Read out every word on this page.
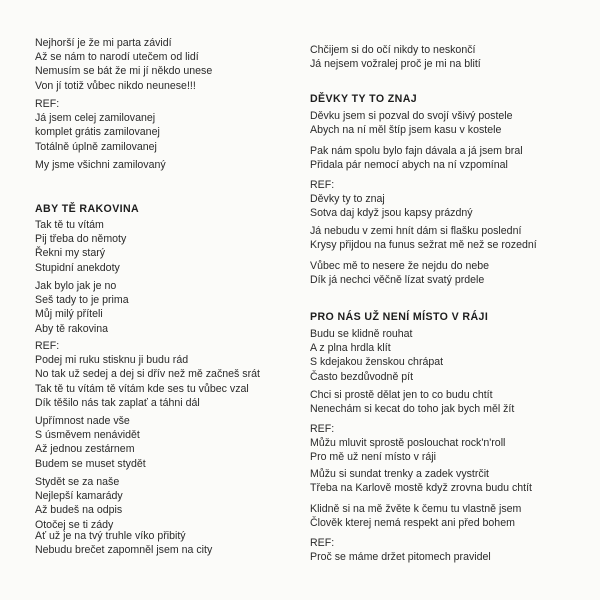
Nejhorší je že mi parta závidí
Až se nám to narodí utečem od lidí
Nemusím se bát že mi jí někdo unese
Von jí totiž vůbec nikdo neunese!!!
REF:
Já jsem celej zamilovanej
komplet grátis zamilovanej
Totálně úplně zamilovanej
My jsme všichni zamilovaný
ABY TĚ RAKOVINA
Tak tě tu vítám
Pij třeba do němoty
Řekni my starý
Stupidní anekdoty
Jak bylo jak je no
Seš tady to je prima
Můj milý příteli
Aby tě rakovina
REF:
Podej mi ruku stisknu ji budu rád
No tak už sedej a dej si dřív než mě začneš srát
Tak tě tu vítám tě vítám kde ses tu vůbec vzal
Dík těšilo nás tak zaplať a táhni dál
Upřímnost nade vše
S úsměvem nenávidět
Až jednou zestárnem
Budem se muset stydět
Stydět se za naše
Nejlepší kamarády
Až budeš na odpis
Otočej se ti zády
Ať už je na tvý truhle víko přibitý
Nebudu brečet zapomněl jsem na city
Chčijem si do očí nikdy to neskončí
Já nejsem vožralej proč je mi na blití
DĚVKY TY TO ZNAJ
Děvku jsem si pozval do svojí všivý postele
Abych na ní měl štíp jsem kasu v kostele
Pak nám spolu bylo fajn dávala a já jsem bral
Přidala pár nemocí abych na ní vzpomínal
REF:
Děvky ty to znaj
Sotva daj když jsou kapsy prázdný
Já nebudu v zemi hnít dám si flašku poslední
Krysy přijdou na funus sežrat mě než se rozední
Vůbec mě to nesere že nejdu do nebe
Dík já nechci věčně lízat svatý prdele
PRO NÁS UŽ NENÍ MÍSTO V RÁJI
Budu se klidně rouhat
A z plna hrdla klít
S kdejakou ženskou chrápat
Často bezdůvodně pít
Chci si prostě dělat jen to co budu chtít
Nenechám si kecat do toho jak bych měl žít
REF:
Můžu mluvit sprostě poslouchat rock'n'roll
Pro mě už není místo v ráji
Můžu si sundat trenky a zadek vystrčit
Třeba na Karlově mostě když zrovna budu chtít
Klidně si na mě žvěte k čemu tu vlastně jsem
Člověk kterej nemá respekt ani před bohem
REF:
Proč se máme držet pitomech pravidel
